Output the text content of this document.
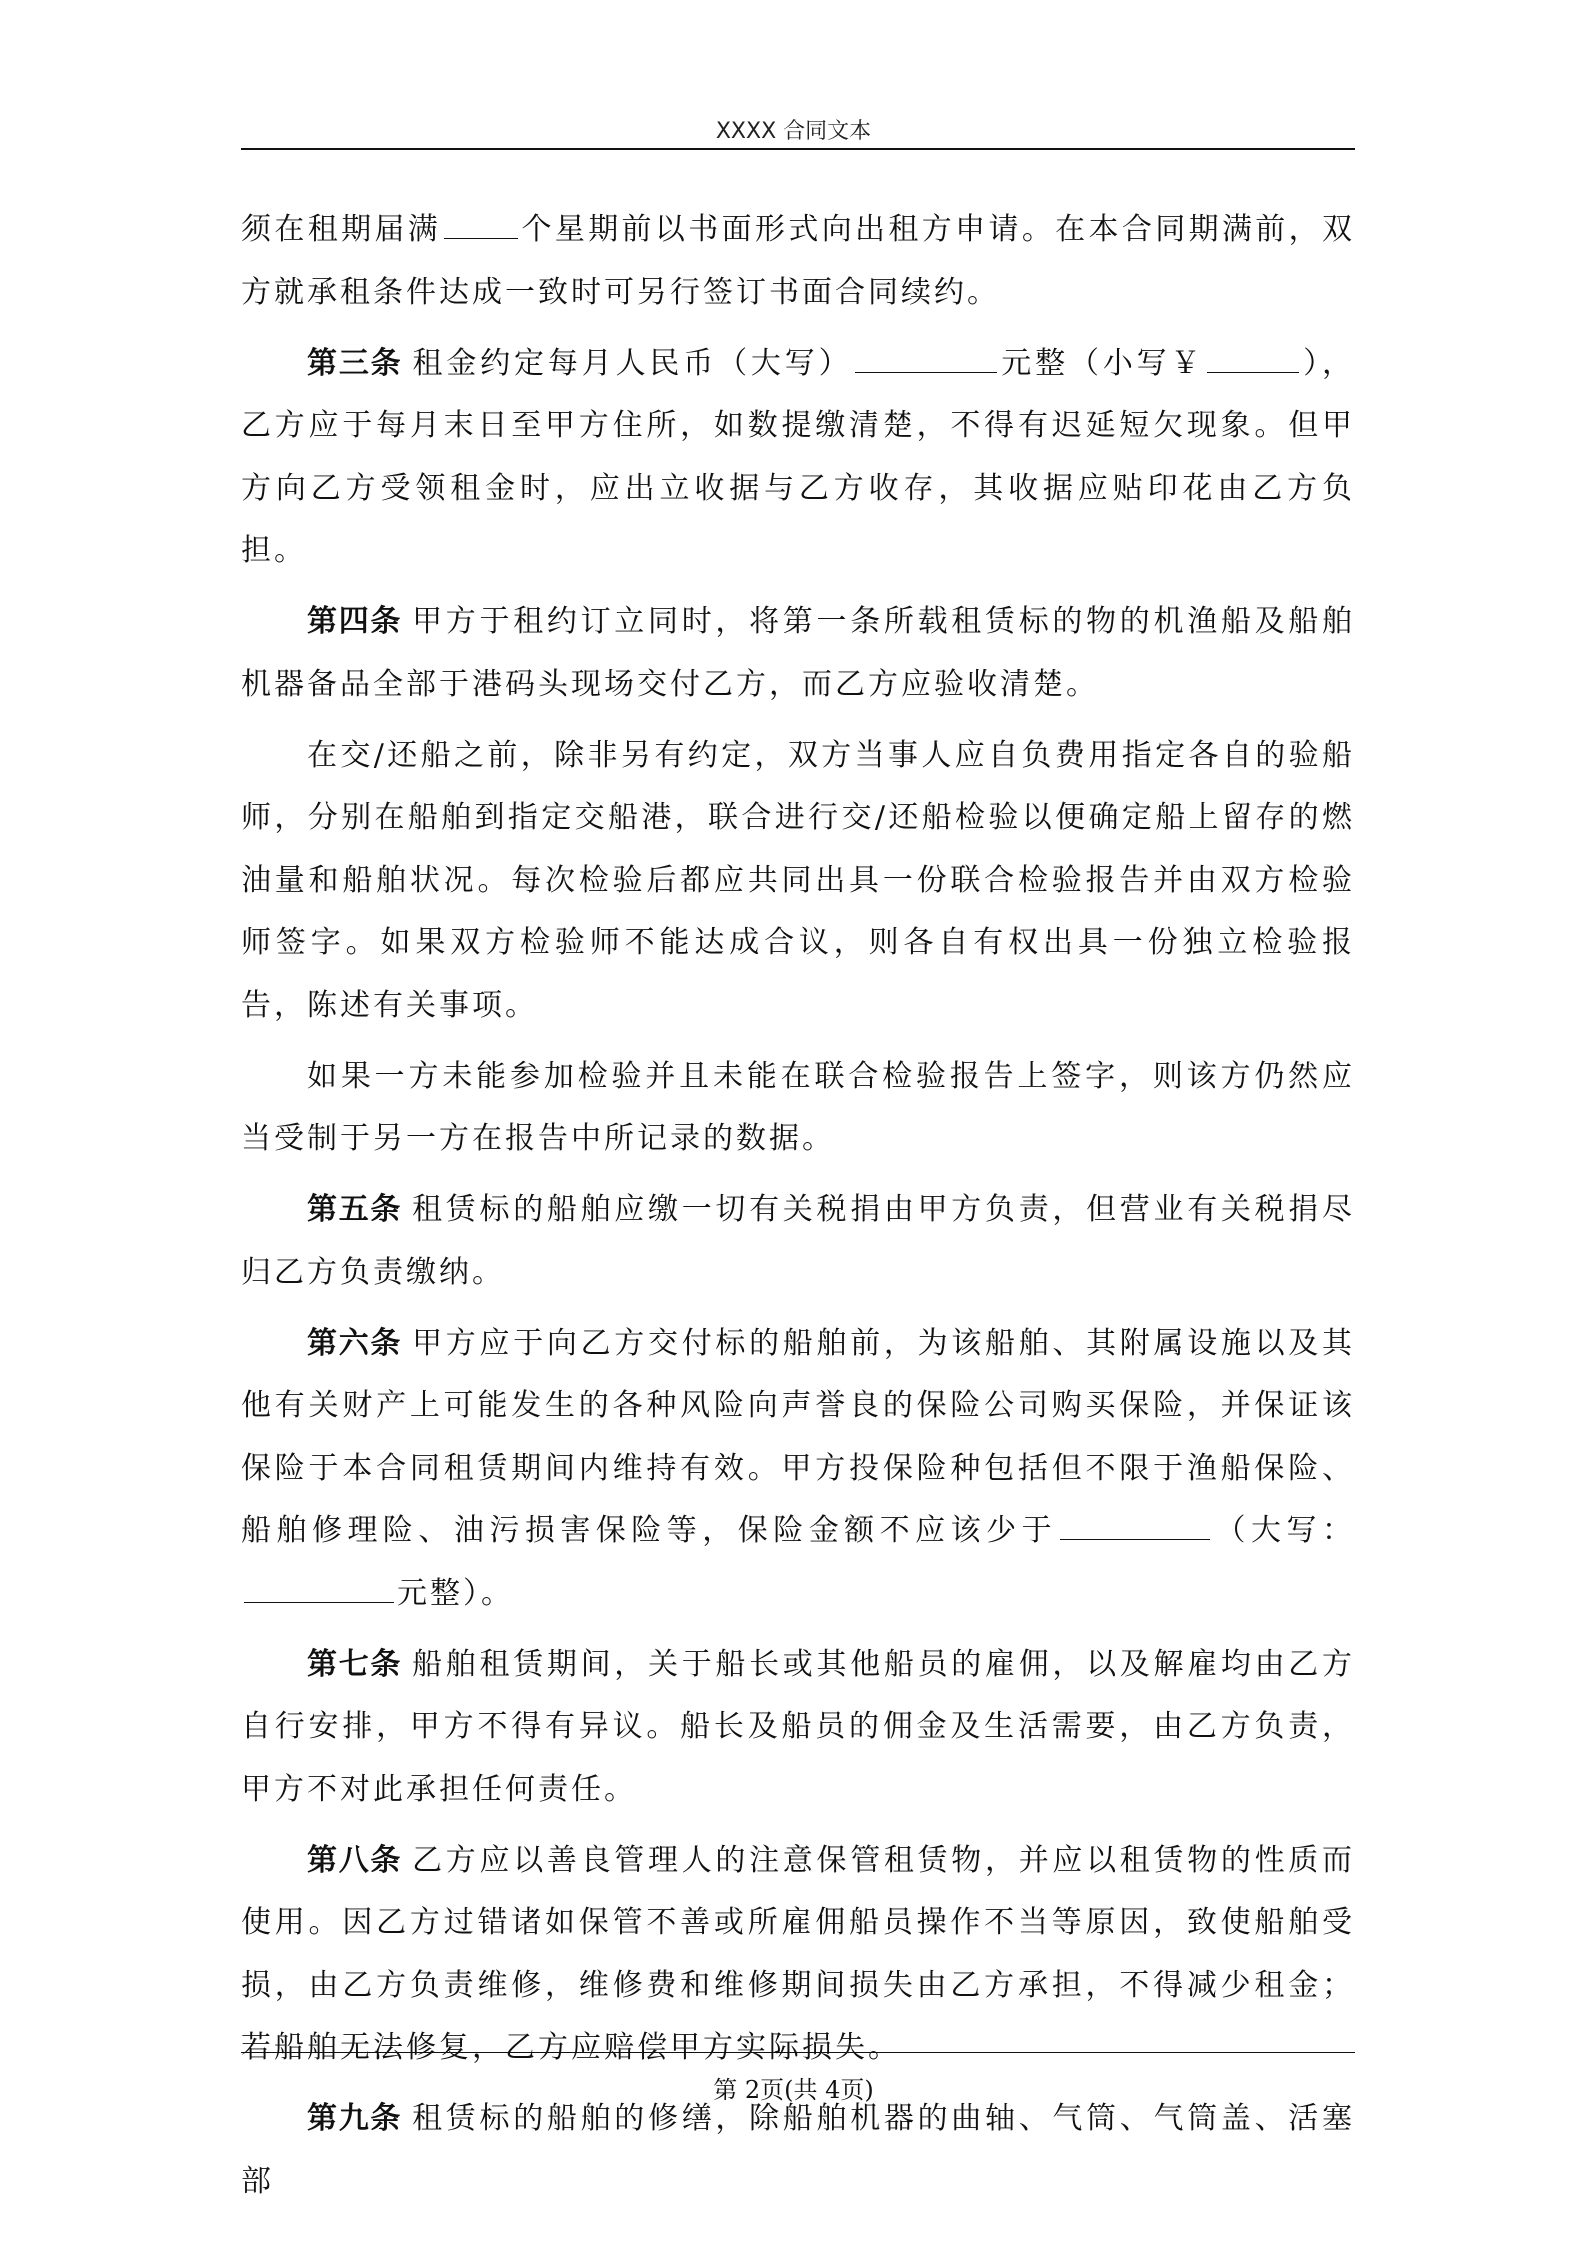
XXXX 合同文本

须在租期届满	个星期前以书面形式向出租方申请。在本合同期满前，双方就承租条件达成一致时可另行签订书面合同续约。

第三条 租金约定每月人民币（大写）	元整（小写￥	），乙方应于每月末日至甲方住所，如数提缴清楚，不得有迟延短欠现象。但甲方向乙方受领租金时，应出立收据与乙方收存，其收据应贴印花由乙方负担。

第四条 甲方于租约订立同时，将第一条所载租赁标的物的机渔船及船舶机器备品全部于港码头现场交付乙方，而乙方应验收清楚。

在交/还船之前，除非另有约定，双方当事人应自负费用指定各自的验船师，分别在船舶到指定交船港，联合进行交/还船检验以便确定船上留存的燃油量和船舶状况。每次检验后都应共同出具一份联合检验报告并由双方检验师签字。如果双方检验师不能达成合议，则各自有权出具一份独立检验报告，陈述有关事项。

如果一方未能参加检验并且未能在联合检验报告上签字，则该方仍然应当受制于另一方在报告中所记录的数据。

第五条 租赁标的船舶应缴一切有关税捐由甲方负责，但营业有关税捐尽归乙方负责缴纳。

第六条 甲方应于向乙方交付标的船舶前，为该船舶、其附属设施以及其他有关财产上可能发生的各种风险向声誉良的保险公司购买保险，并保证该保险于本合同租赁期间内维持有效。甲方投保险种包括但不限于渔船保险、船舶修理险、油污损害保险等，保险金额不应该少于	（大写：元整）。

第七条 船舶租赁期间，关于船长或其他船员的雇佣，以及解雇均由乙方自行安排，甲方不得有异议。船长及船员的佣金及生活需要，由乙方负责，甲方不对此承担任何责任。

第八条 乙方应以善良管理人的注意保管租赁物，并应以租赁物的性质而使用。因乙方过错诸如保管不善或所雇佣船员操作不当等原因，致使船舶受损，由乙方负责维修，维修费和维修期间损失由乙方承担，不得减少租金；若船舶无法修复，乙方应赔偿甲方实际损失。

第九条 租赁标的船舶的修缮，除船舶机器的曲轴、气筒、气筒盖、活塞部

第 2页(共 4页)
